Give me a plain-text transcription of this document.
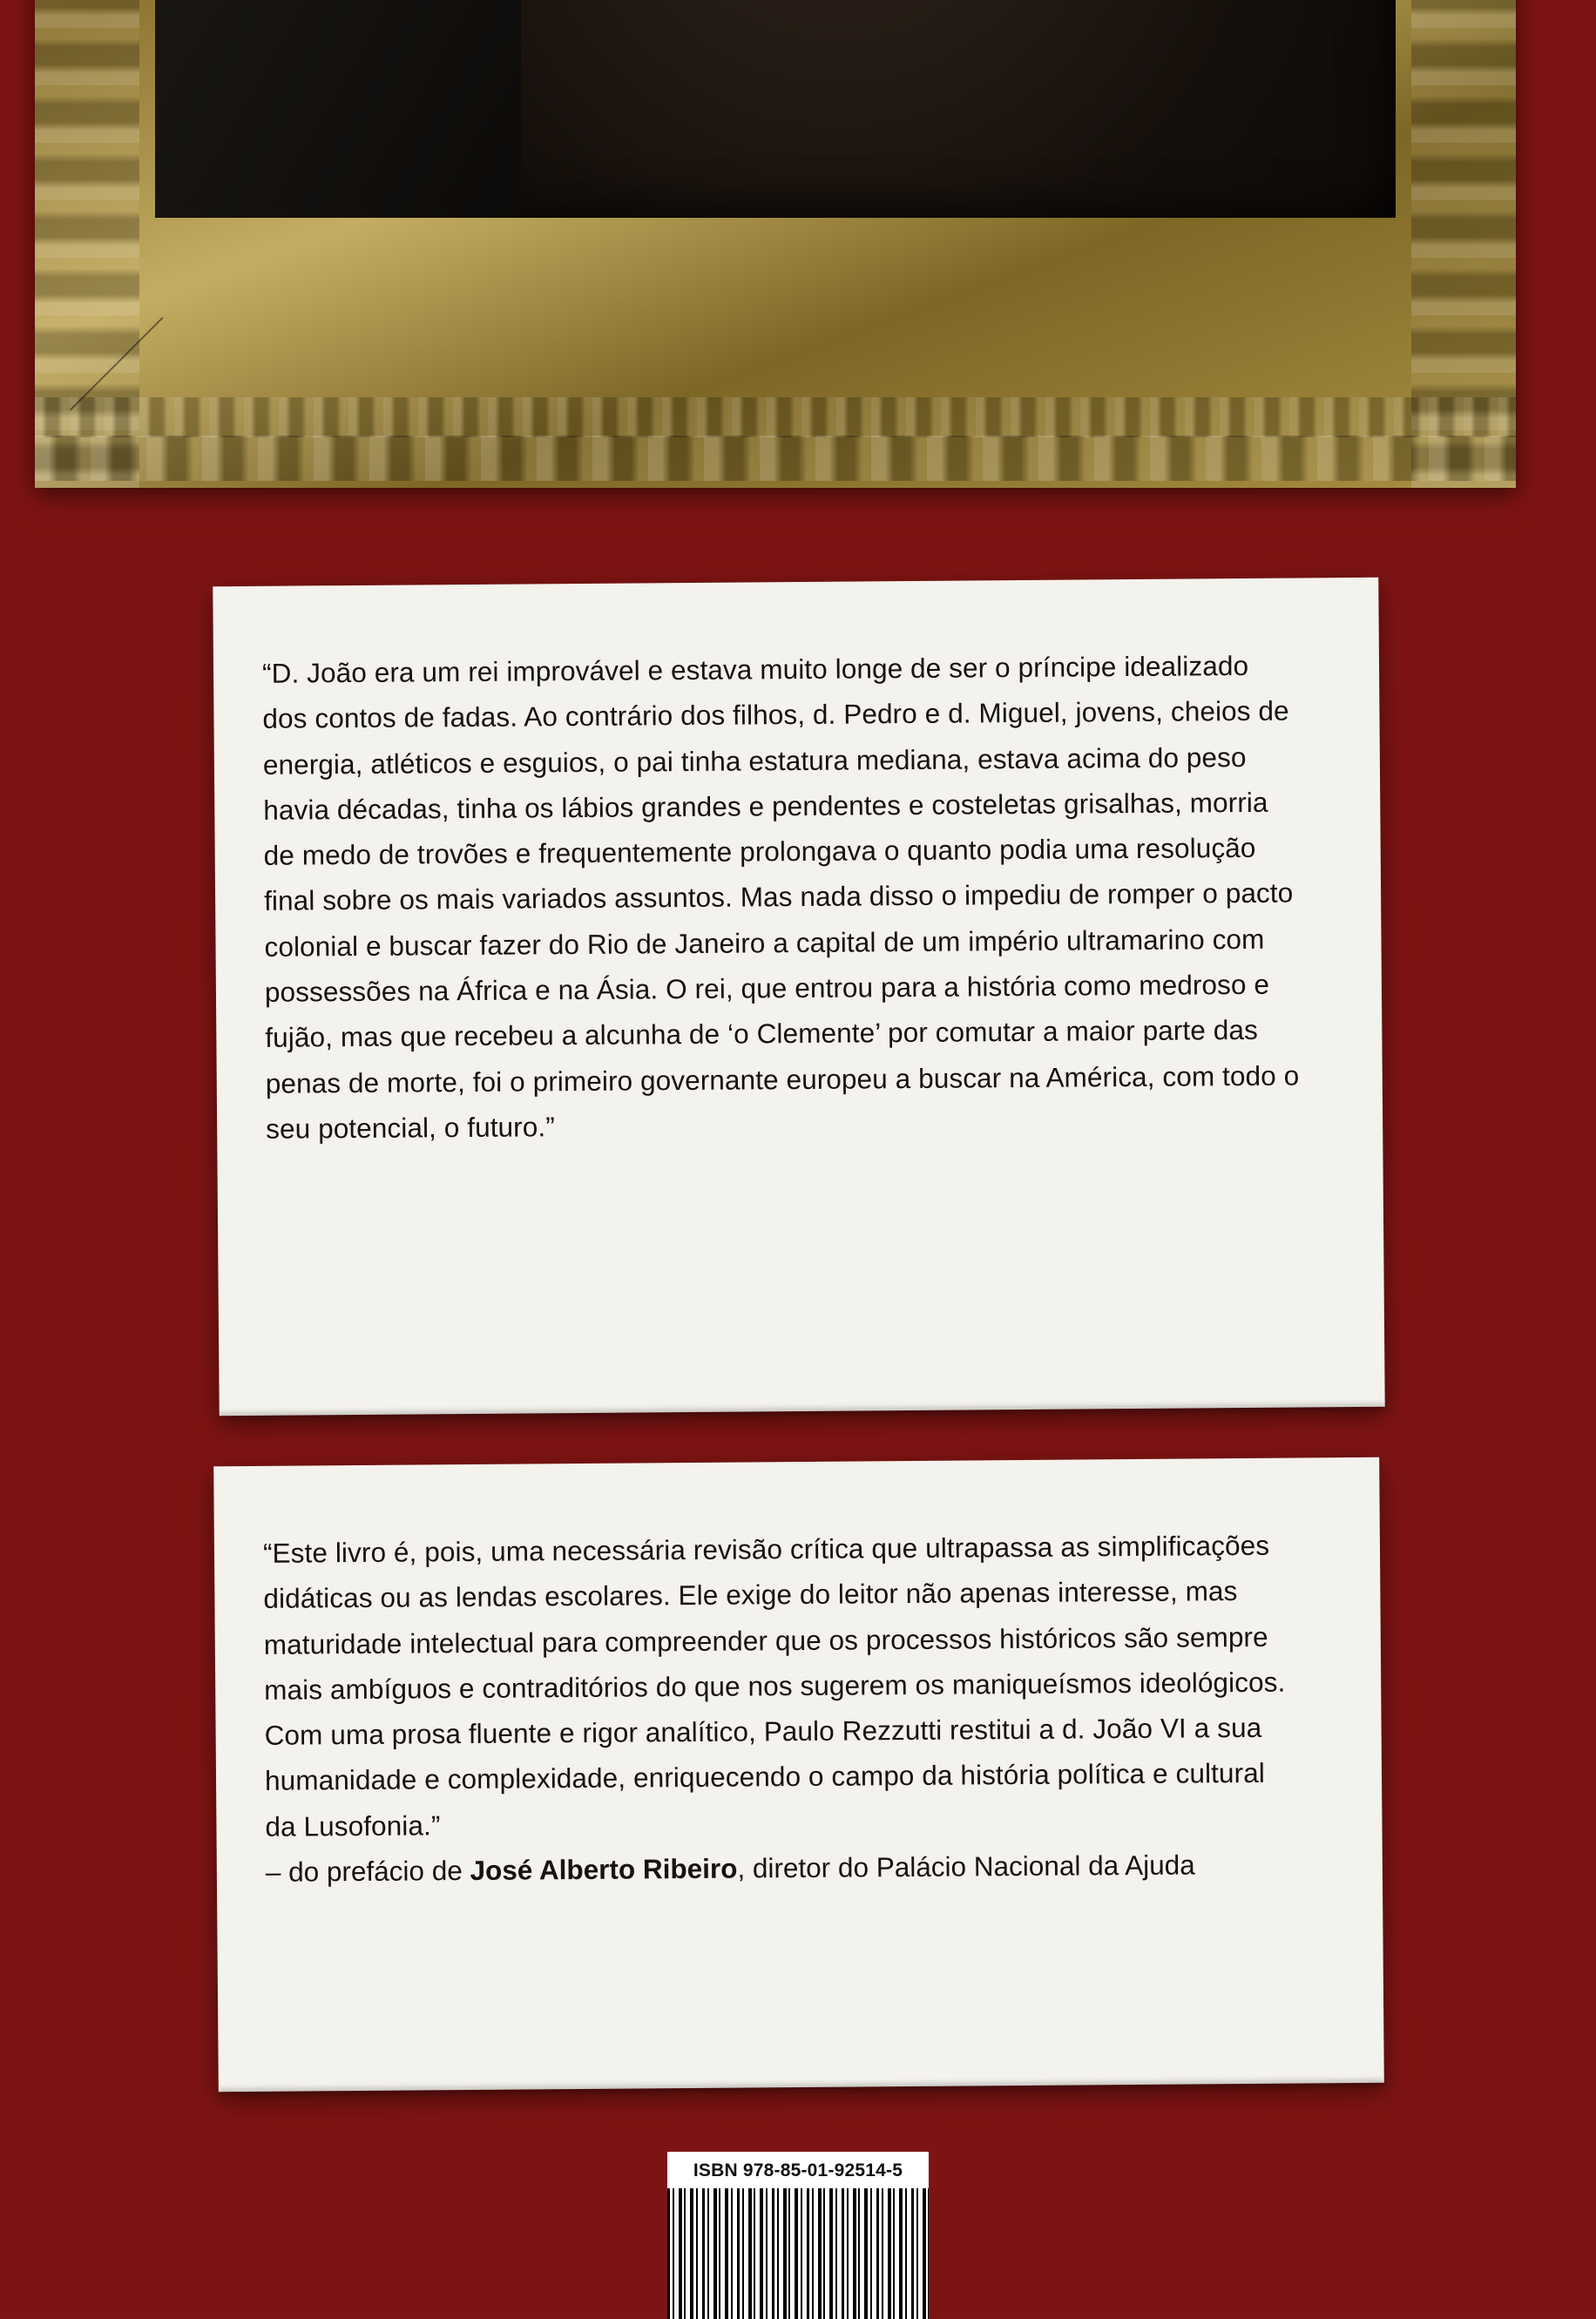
“D. João era um rei improvável e estava muito longe de ser o príncipe idealizado dos contos de fadas. Ao contrário dos filhos, d. Pedro e d. Miguel, jovens, cheios de energia, atléticos e esguios, o pai tinha estatura mediana, estava acima do peso havia décadas, tinha os lábios grandes e pendentes e costeletas grisalhas, morria de medo de trovões e frequentemente prolongava o quanto podia uma resolução final sobre os mais variados assuntos. Mas nada disso o impediu de romper o pacto colonial e buscar fazer do Rio de Janeiro a capital de um império ultramarino com possessões na África e na Ásia. O rei, que entrou para a história como medroso e fujão, mas que recebeu a alcunha de ‘o Clemente’ por comutar a maior parte das penas de morte, foi o primeiro governante europeu a buscar na América, com todo o seu potencial, o futuro.”

“Este livro é, pois, uma necessária revisão crítica que ultrapassa as simplificações didáticas ou as lendas escolares. Ele exige do leitor não apenas interesse, mas maturidade intelectual para compreender que os processos históricos são sempre mais ambíguos e contraditórios do que nos sugerem os maniqueísmos ideológicos. Com uma prosa fluente e rigor analítico, Paulo Rezzutti restitui a d. João VI a sua humanidade e complexidade, enriquecendo o campo da história política e cultural da Lusofonia.”

– do prefácio de José Alberto Ribeiro, diretor do Palácio Nacional da Ajuda

ISBN 978-85-01-92514-5
